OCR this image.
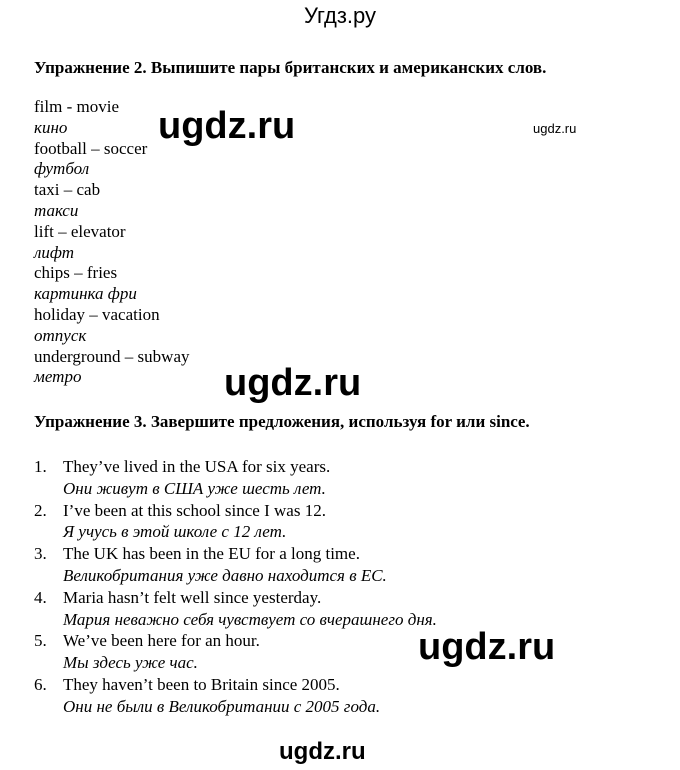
Угдз.ру
Упражнение 2. Выпишите пары британских и американских слов.
film - movie
кино
football – soccer
футбол
taxi – cab
такси
lift – elevator
лифт
chips – fries
картинка фри
holiday – vacation
отпуск
underground – subway
метро
Упражнение 3. Завершите предложения, используя for или since.
1. They’ve lived in the USA for six years.
Они живут в США уже шесть лет.
2. I’ve been at this school since I was 12.
Я учусь в этой школе с 12 лет.
3. The UK has been in the EU for a long time.
Великобритания уже давно находится в ЕС.
4. Maria hasn’t felt well since yesterday.
Мария неважно себя чувствует со вчерашнего дня.
5. We’ve been here for an hour.
Мы здесь уже час.
6. They haven’t been to Britain since 2005.
Они не были в Великобритании с 2005 года.
ugdz.ru	ugdz.ru
ugdz.ru
ugdz.ru
ugdz.ru
